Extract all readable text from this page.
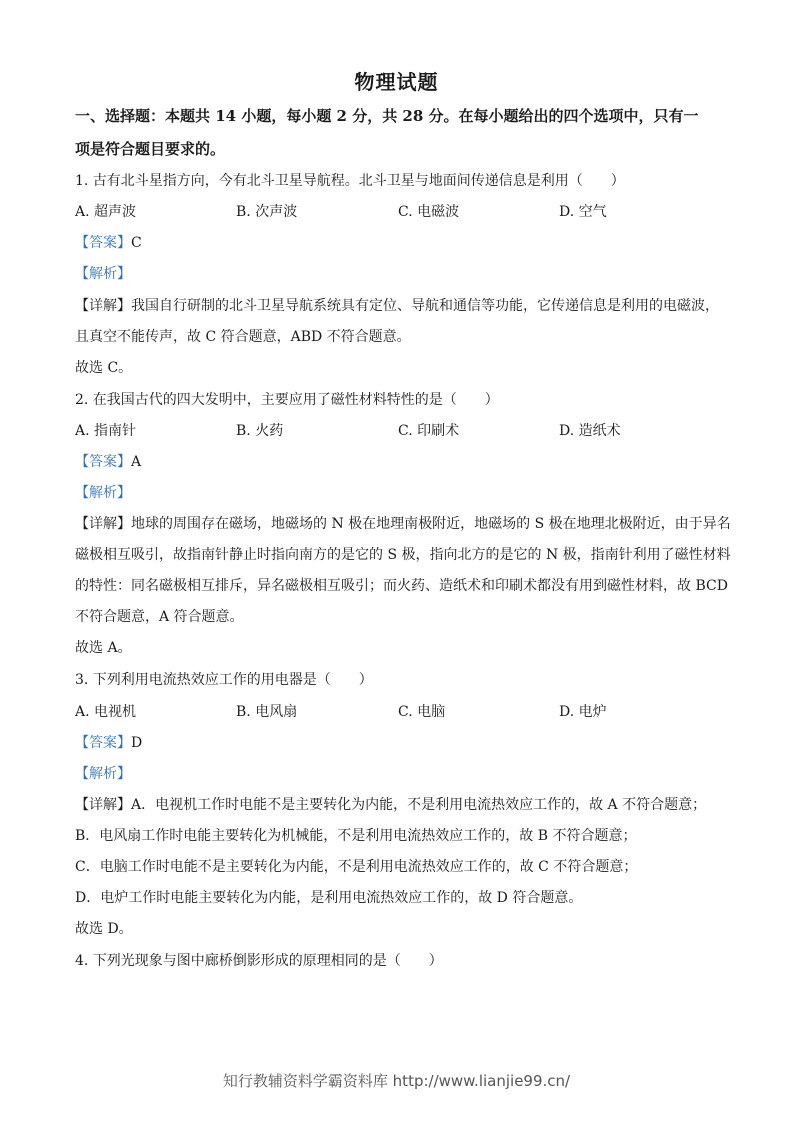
物理试题
一、选择题：本题共 14 小题，每小题 2 分，共 28 分。在每小题给出的四个选项中，只有一
项是符合题目要求的。
1. 古有北斗星指方向，今有北斗卫星导航程。北斗卫星与地面间传递信息是利用（　　）
A. 超声波	B. 次声波	C. 电磁波	D. 空气
【答案】C
【解析】
【详解】我国自行研制的北斗卫星导航系统具有定位、导航和通信等功能，它传递信息是利用的电磁波，
且真空不能传声，故 C 符合题意，ABD 不符合题意。
故选 C。
2. 在我国古代的四大发明中，主要应用了磁性材料特性的是（　　）
A. 指南针	B. 火药	C. 印刷术	D. 造纸术
【答案】A
【解析】
【详解】地球的周围存在磁场，地磁场的 N 极在地理南极附近，地磁场的 S 极在地理北极附近，由于异名
磁极相互吸引，故指南针静止时指向南方的是它的 S 极，指向北方的是它的 N 极，指南针利用了磁性材料
的特性：同名磁极相互排斥，异名磁极相互吸引；而火药、造纸术和印刷术都没有用到磁性材料，故 BCD
不符合题意，A 符合题意。
故选 A。
3. 下列利用电流热效应工作的用电器是（　　）
A. 电视机	B. 电风扇	C. 电脑	D. 电炉
【答案】D
【解析】
【详解】A．电视机工作时电能不是主要转化为内能，不是利用电流热效应工作的，故 A 不符合题意；
B．电风扇工作时电能主要转化为机械能，不是利用电流热效应工作的，故 B 不符合题意；
C．电脑工作时电能不是主要转化为内能，不是利用电流热效应工作的，故 C 不符合题意；
D．电炉工作时电能主要转化为内能，是利用电流热效应工作的，故 D 符合题意。
故选 D。
4. 下列光现象与图中廊桥倒影形成的原理相同的是（　　）
知行教辅资料学霸资料库 http://www.lianjie99.cn/
